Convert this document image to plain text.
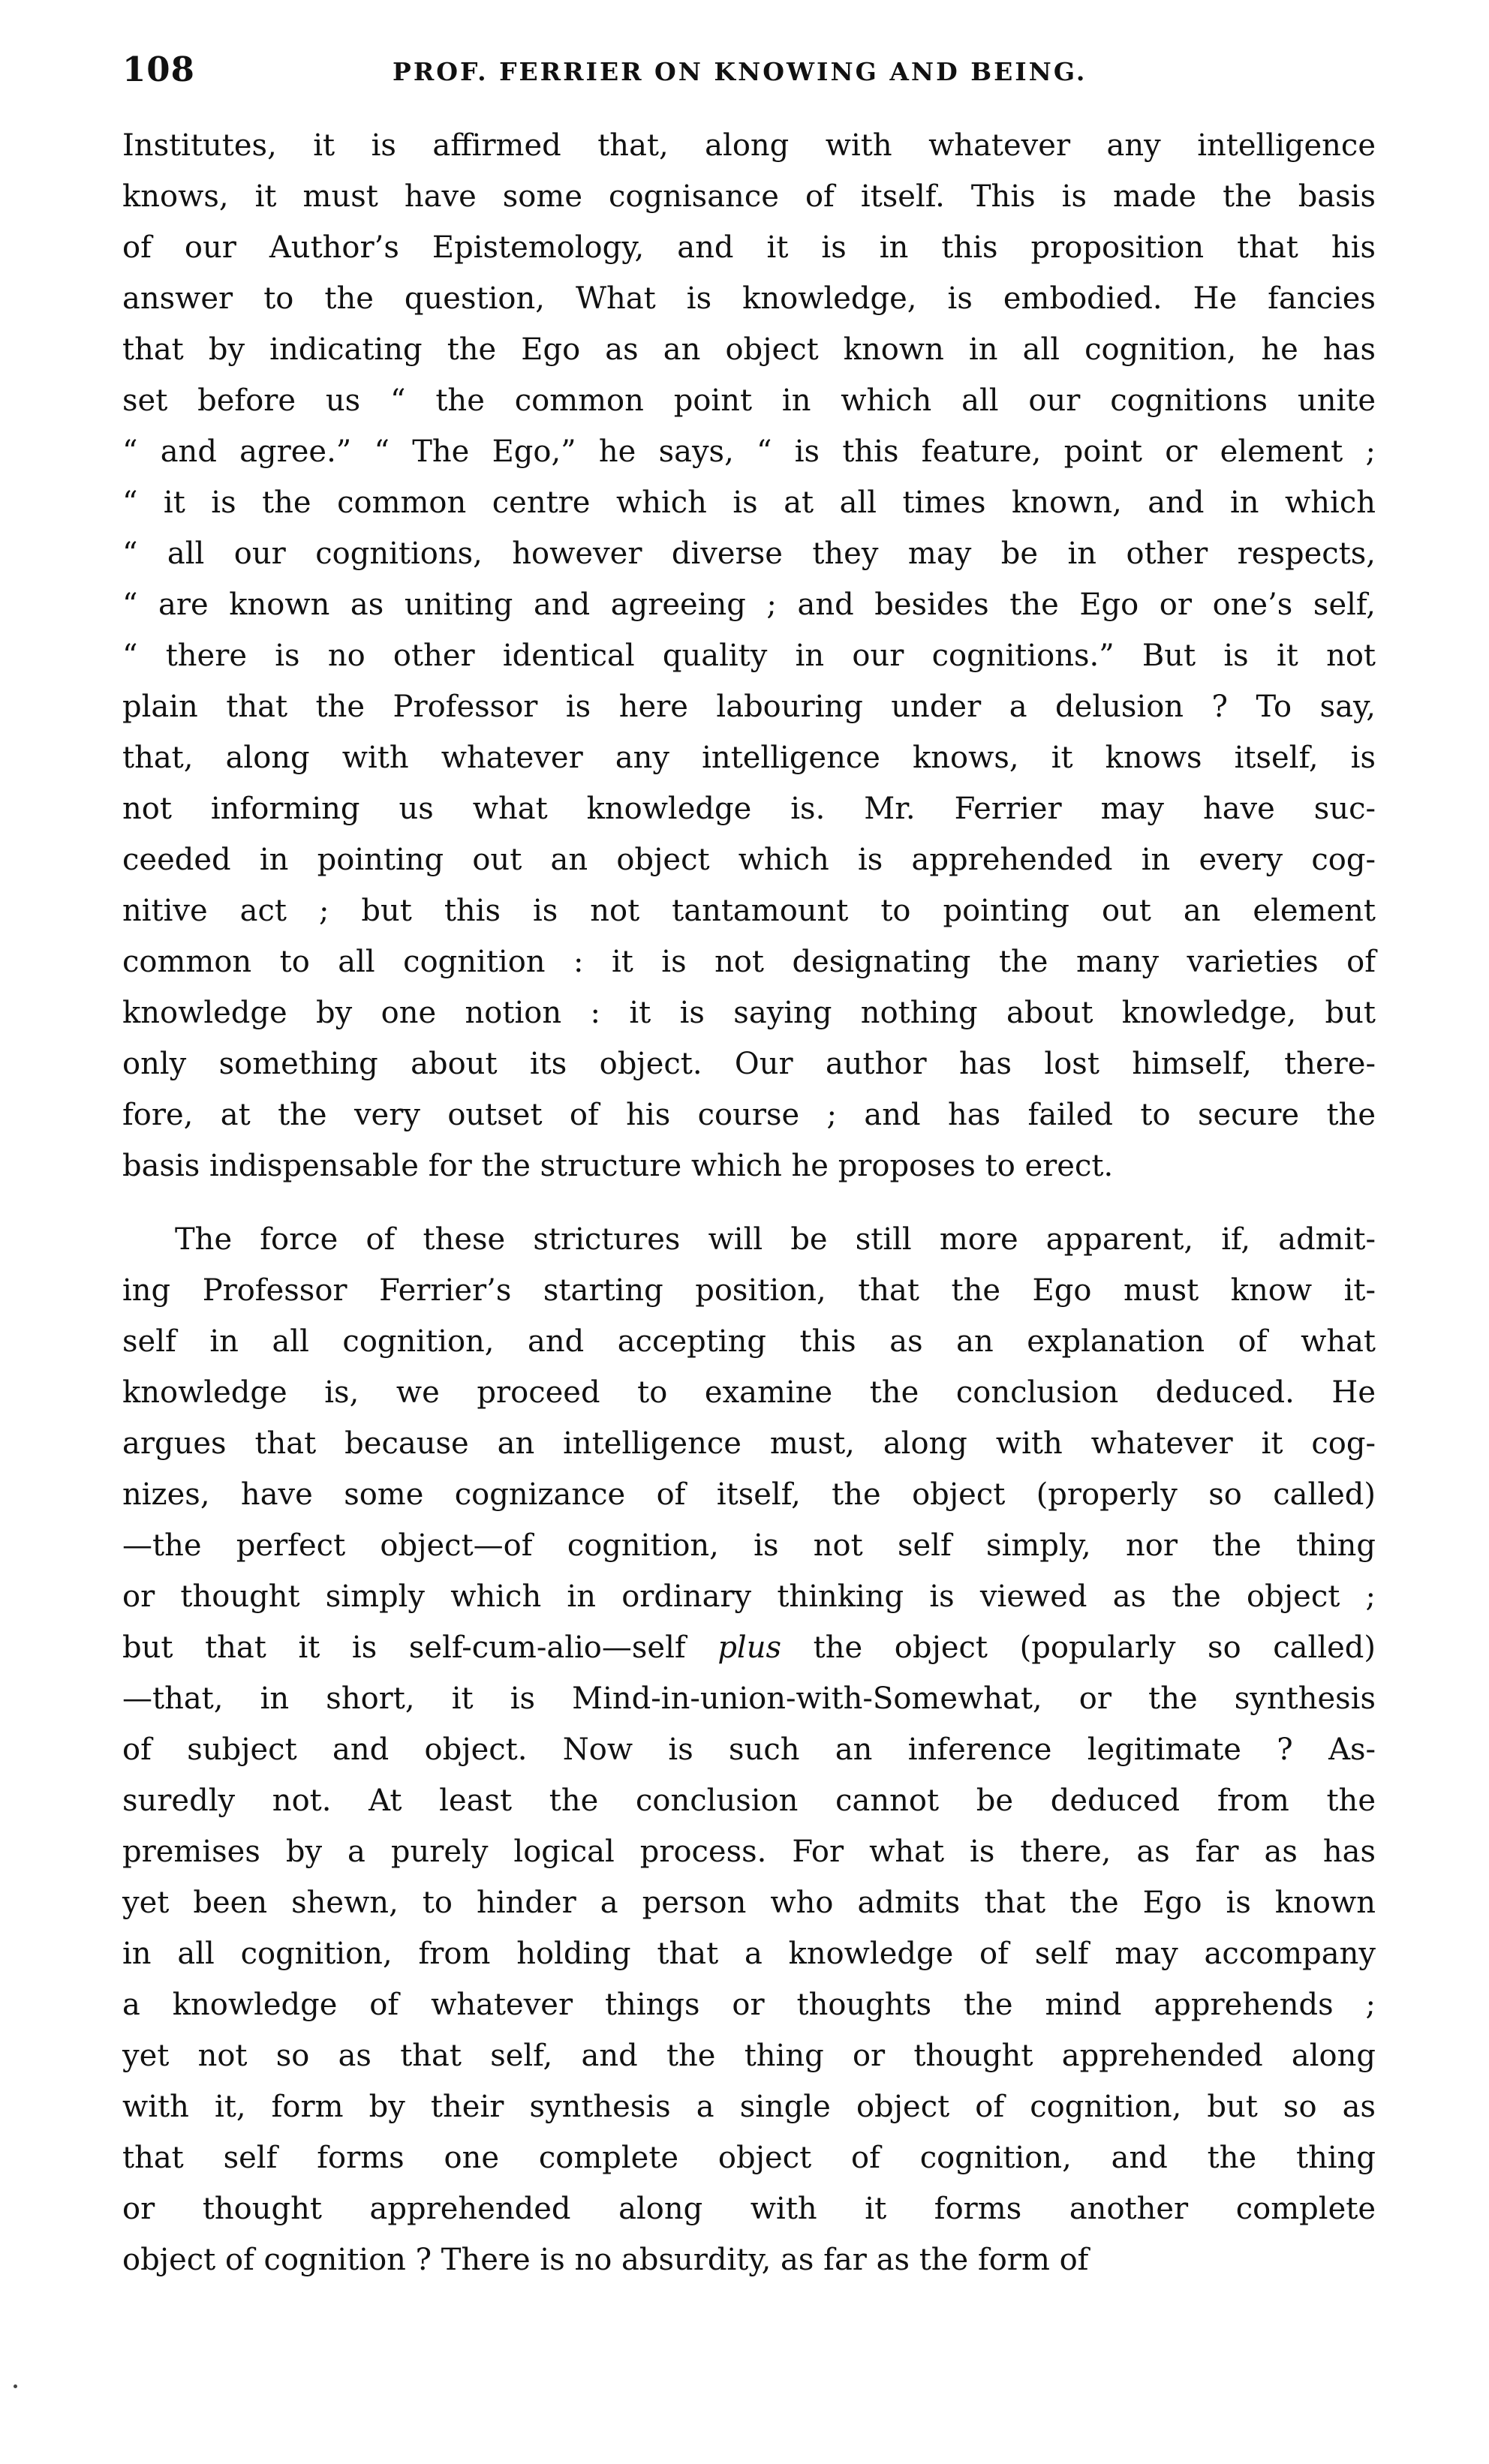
108	PROF. FERRIER ON KNOWING AND BEING.
Institutes, it is affirmed that, along with whatever any intelligence
knows, it must have some cognisance of itself. This is made the basis
of our Author’s Epistemology, and it is in this proposition that his
answer to the question, What is knowledge, is embodied. He fancies
that by indicating the Ego as an object known in all cognition, he has
set before us “ the common point in which all our cognitions unite
“ and agree.” “ The Ego,” he says, “ is this feature, point or element ;
“ it is the common centre which is at all times known, and in which
“ all our cognitions, however diverse they may be in other respects,
“ are known as uniting and agreeing ; and besides the Ego or one’s self,
“ there is no other identical quality in our cognitions.” But is it not
plain that the Professor is here labouring under a delusion ? To say,
that, along with whatever any intelligence knows, it knows itself, is
not informing us what knowledge is. Mr. Ferrier may have suc-
ceeded in pointing out an object which is apprehended in every cog-
nitive act ; but this is not tantamount to pointing out an element
common to all cognition : it is not designating the many varieties of
knowledge by one notion : it is saying nothing about knowledge, but
only something about its object. Our author has lost himself, there-
fore, at the very outset of his course ; and has failed to secure the
basis indispensable for the structure which he proposes to erect.
The force of these strictures will be still more apparent, if, admit-
ing Professor Ferrier’s starting position, that the Ego must know it-
self in all cognition, and accepting this as an explanation of what
knowledge is, we proceed to examine the conclusion deduced. He
argues that because an intelligence must, along with whatever it cog-
nizes, have some cognizance of itself, the object (properly so called)
—the perfect object—of cognition, is not self simply, nor the thing
or thought simply which in ordinary thinking is viewed as the object ;
but that it is self-cum-alio—self plus the object (popularly so called)
—that, in short, it is Mind-in-union-with-Somewhat, or the synthesis
of subject and object. Now is such an inference legitimate ? As-
suredly not. At least the conclusion cannot be deduced from the
premises by a purely logical process. For what is there, as far as has
yet been shewn, to hinder a person who admits that the Ego is known
in all cognition, from holding that a knowledge of self may accompany
a knowledge of whatever things or thoughts the mind apprehends ;
yet not so as that self, and the thing or thought apprehended along
with it, form by their synthesis a single object of cognition, but so as
that self forms one complete object of cognition, and the thing
or thought apprehended along with it forms another complete
object of cognition ? There is no absurdity, as far as the form of
